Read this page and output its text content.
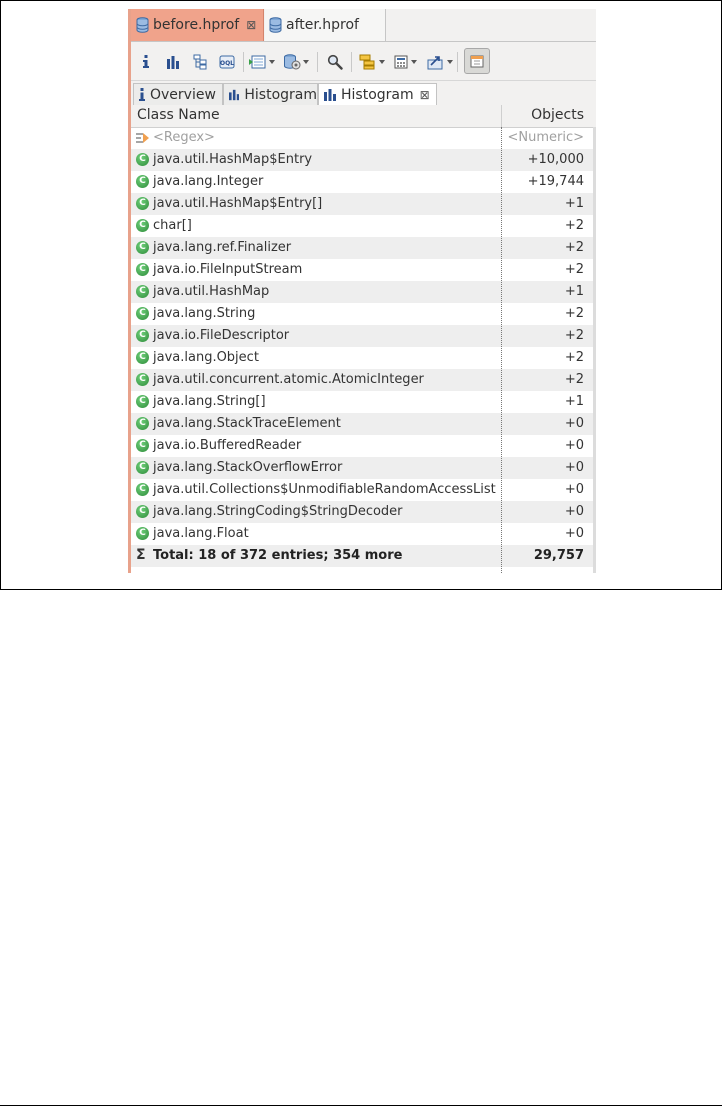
before.hprof ⊠ after.hprof
OQL
Overview Histogram Histogram ⊠
Class Name	Objects
<Regex>	<Numeric>
C java.util.HashMap$Entry	+10,000
C java.lang.Integer	+19,744
C java.util.HashMap$Entry[]	+1
C char[]	+2
C java.lang.ref.Finalizer	+2
C java.io.FileInputStream	+2
C java.util.HashMap	+1
C java.lang.String	+2
C java.io.FileDescriptor	+2
C java.lang.Object	+2
C java.util.concurrent.atomic.AtomicInteger	+2
C java.lang.String[]	+1
C java.lang.StackTraceElement	+0
C java.io.BufferedReader	+0
C java.lang.StackOverflowError	+0
C java.util.Collections$UnmodifiableRandomAccessList	+0
C java.lang.StringCoding$StringDecoder	+0
C java.lang.Float	+0
Σ Total: 18 of 372 entries; 354 more	29,757
